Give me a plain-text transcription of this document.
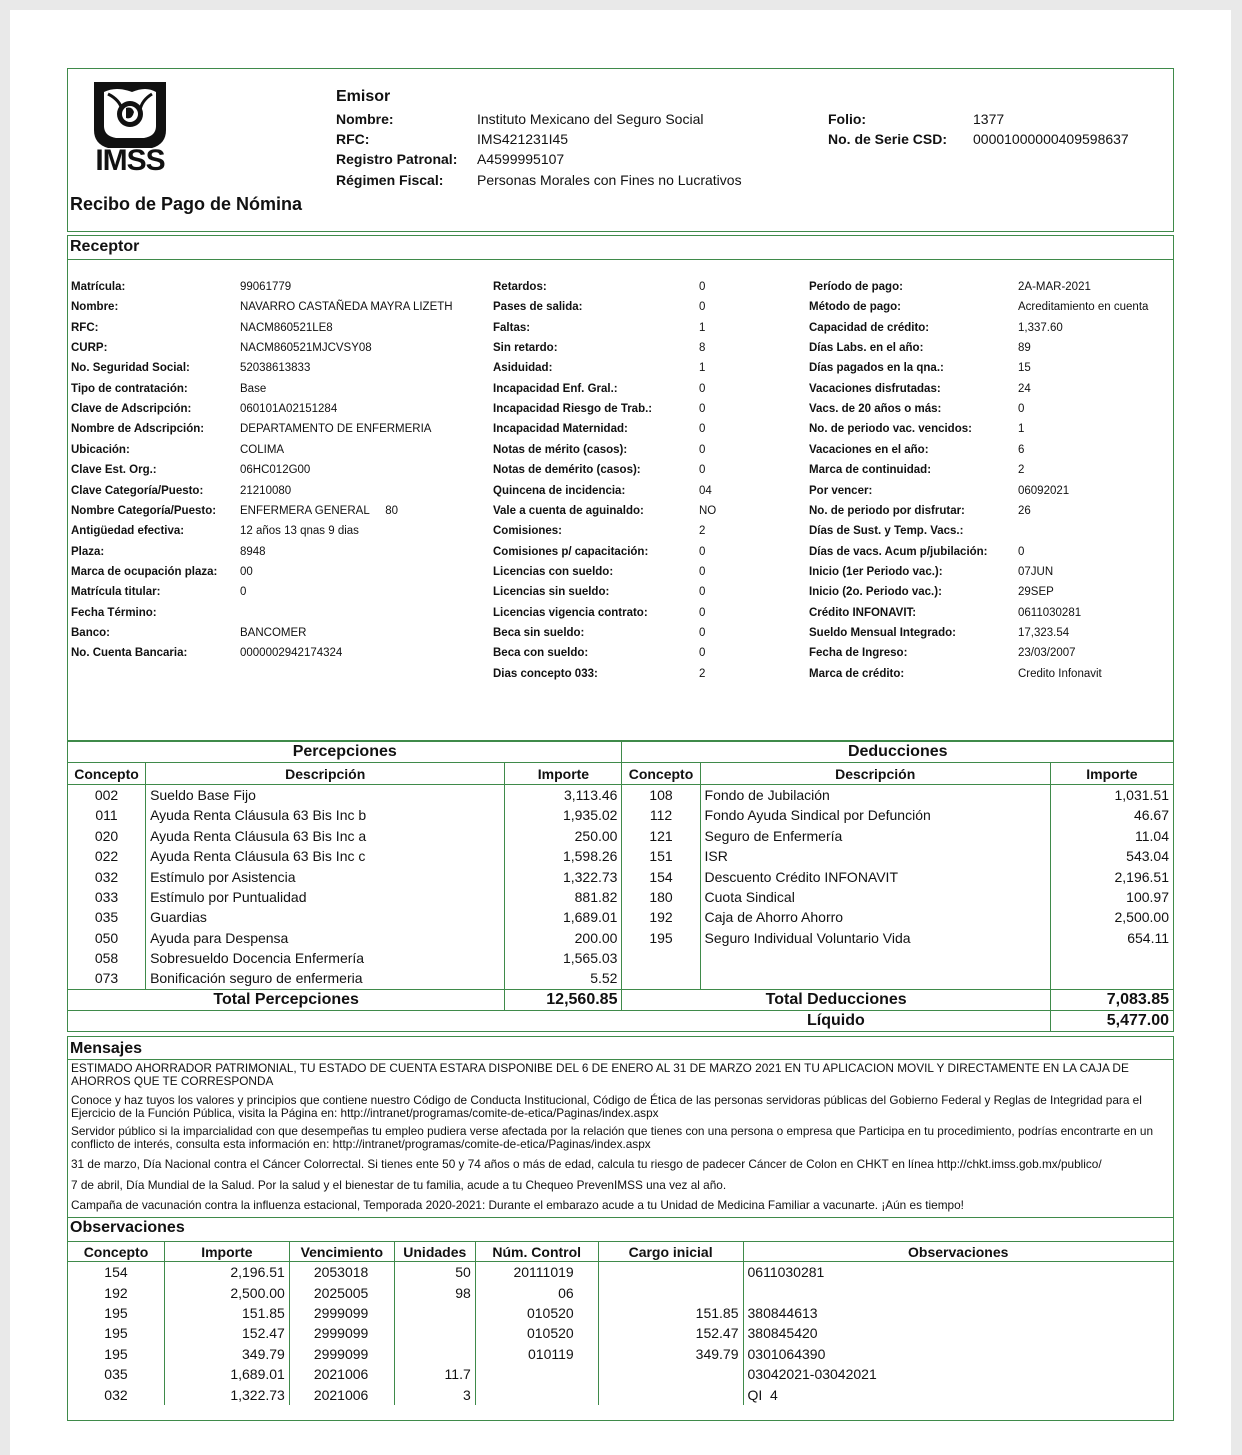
IMSS
Recibo de Pago de Nómina
Emisor
Nombre:	Instituto Mexicano del Seguro Social
RFC:	IMS421231I45
Registro Patronal: A4599995107
Régimen Fiscal: Personas Morales con Fines no Lucrativos
Folio:	1377
No. de Serie CSD: 00001000000409598637
Receptor
Matrícula:	99061779
Nombre:	NAVARRO CASTAÑEDA MAYRA LIZETH
RFC:	NACM860521LE8
CURP:	NACM860521MJCVSY08
No. Seguridad Social:	52038613833
Tipo de contratación:	Base
Clave de Adscripción:	060101A02151284
Nombre de Adscripción:	DEPARTAMENTO DE ENFERMERIA
Ubicación:	COLIMA
Clave Est. Org.:	06HC012G00
Clave Categoría/Puesto:	21210080
Nombre Categoría/Puesto: ENFERMERA GENERAL     80
Antigüedad efectiva:	12 años 13 qnas 9 dias
Plaza:	8948
Marca de ocupación plaza: 00
Matrícula titular:	0
Fecha Término:
Banco:	BANCOMER
No. Cuenta Bancaria:	0000002942174324
Retardos:	0
Pases de salida:	0
Faltas:	1
Sin retardo:	8
Asiduidad:	1
Incapacidad Enf. Gral.:	0
Incapacidad Riesgo de Trab.:	0
Incapacidad Maternidad:	0
Notas de mérito (casos):	0
Notas de demérito (casos):	0
Quincena de incidencia:	04
Vale a cuenta de aguinaldo:	NO
Comisiones:	2
Comisiones p/ capacitación:	0
Licencias con sueldo:	0
Licencias sin sueldo:	0
Licencias vigencia contrato:	0
Beca sin sueldo:	0
Beca con sueldo:	0
Dias concepto 033:	2
Período de pago:	2A-MAR-2021
Método de pago:	Acreditamiento en cuenta
Capacidad de crédito:	1,337.60
Días Labs. en el año:	89
Días pagados en la qna.:	15
Vacaciones disfrutadas:	24
Vacs. de 20 años o más:	0
No. de periodo vac. vencidos:	1
Vacaciones en el año:	6
Marca de continuidad:	2
Por vencer:	06092021
No. de periodo por disfrutar:	26
Días de Sust. y Temp. Vacs.:
Días de vacs. Acum p/jubilación:	0
Inicio (1er Periodo vac.):	07JUN
Inicio (2o. Periodo vac.):	29SEP
Crédito INFONAVIT:	0611030281
Sueldo Mensual Integrado:	17,323.54
Fecha de Ingreso:	23/03/2007
Marca de crédito:	Credito Infonavit
Percepciones			Deducciones		
Concepto	Descripción	Importe	Concepto	Descripción	Importe
002	Sueldo Base Fijo	3,113.46	108	Fondo de Jubilación	1,031.51
011	Ayuda Renta Cláusula 63 Bis Inc b	1,935.02	112	Fondo Ayuda Sindical por Defunción	46.67
020	Ayuda Renta Cláusula 63 Bis Inc a	250.00	121	Seguro de Enfermería	11.04
022	Ayuda Renta Cláusula 63 Bis Inc c	1,598.26	151	ISR	543.04
032	Estímulo por Asistencia	1,322.73	154	Descuento Crédito INFONAVIT	2,196.51
033	Estímulo por Puntualidad	881.82	180	Cuota Sindical	100.97
035	Guardias	1,689.01	192	Caja de Ahorro Ahorro	2,500.00
050	Ayuda para Despensa	200.00	195	Seguro Individual Voluntario Vida	654.11
058	Sobresueldo Docencia Enfermería	1,565.03			
073	Bonificación seguro de enfermeria	5.52			
Total Percepciones		12,560.85	Total Deducciones		7,083.85
			Líquido		5,477.00
Mensajes
ESTIMADO AHORRADOR PATRIMONIAL, TU ESTADO DE CUENTA ESTARA DISPONIBE DEL 6 DE ENERO AL 31 DE MARZO 2021 EN TU APLICACION MOVIL Y DIRECTAMENTE EN LA CAJA DE AHORROS QUE TE CORRESPONDA
Conoce y haz tuyos los valores y principios que contiene nuestro Código de Conducta Institucional, Código de Ética de las personas servidoras públicas del Gobierno Federal y Reglas de Integridad para el Ejercicio de la Función Pública, visita la Página en: http://intranet/programas/comite-de-etica/Paginas/index.aspx
Servidor público si la imparcialidad con que desempeñas tu empleo pudiera verse afectada por la relación que tienes con una persona o empresa que Participa en tu procedimiento, podrías encontrarte en un conflicto de interés, consulta esta información en: http://intranet/programas/comite-de-etica/Paginas/index.aspx
31 de marzo, Día Nacional contra el Cáncer Colorrectal. Si tienes ente 50 y 74 años o más de edad, calcula tu riesgo de padecer Cáncer de Colon en CHKT en línea http://chkt.imss.gob.mx/publico/
7 de abril, Día Mundial de la Salud. Por la salud y el bienestar de tu familia, acude a tu Chequeo PrevenIMSS una vez al año.
Campaña de vacunación contra la influenza estacional, Temporada 2020-2021: Durante el embarazo acude a tu Unidad de Medicina Familiar a vacunarte. ¡Aún es tiempo!
Observaciones
Concepto	Importe	Vencimiento	Unidades	Núm. Control	Cargo inicial	Observaciones
154	2,196.51	2053018	50	20111019		0611030281
192	2,500.00	2025005	98	06		
195	151.85	2999099		010520	151.85	380844613
195	152.47	2999099		010520	152.47	380845420
195	349.79	2999099		010119	349.79	0301064390
035	1,689.01	2021006	11.7			03042021-03042021
032	1,322.73	2021006	3			QI  4
